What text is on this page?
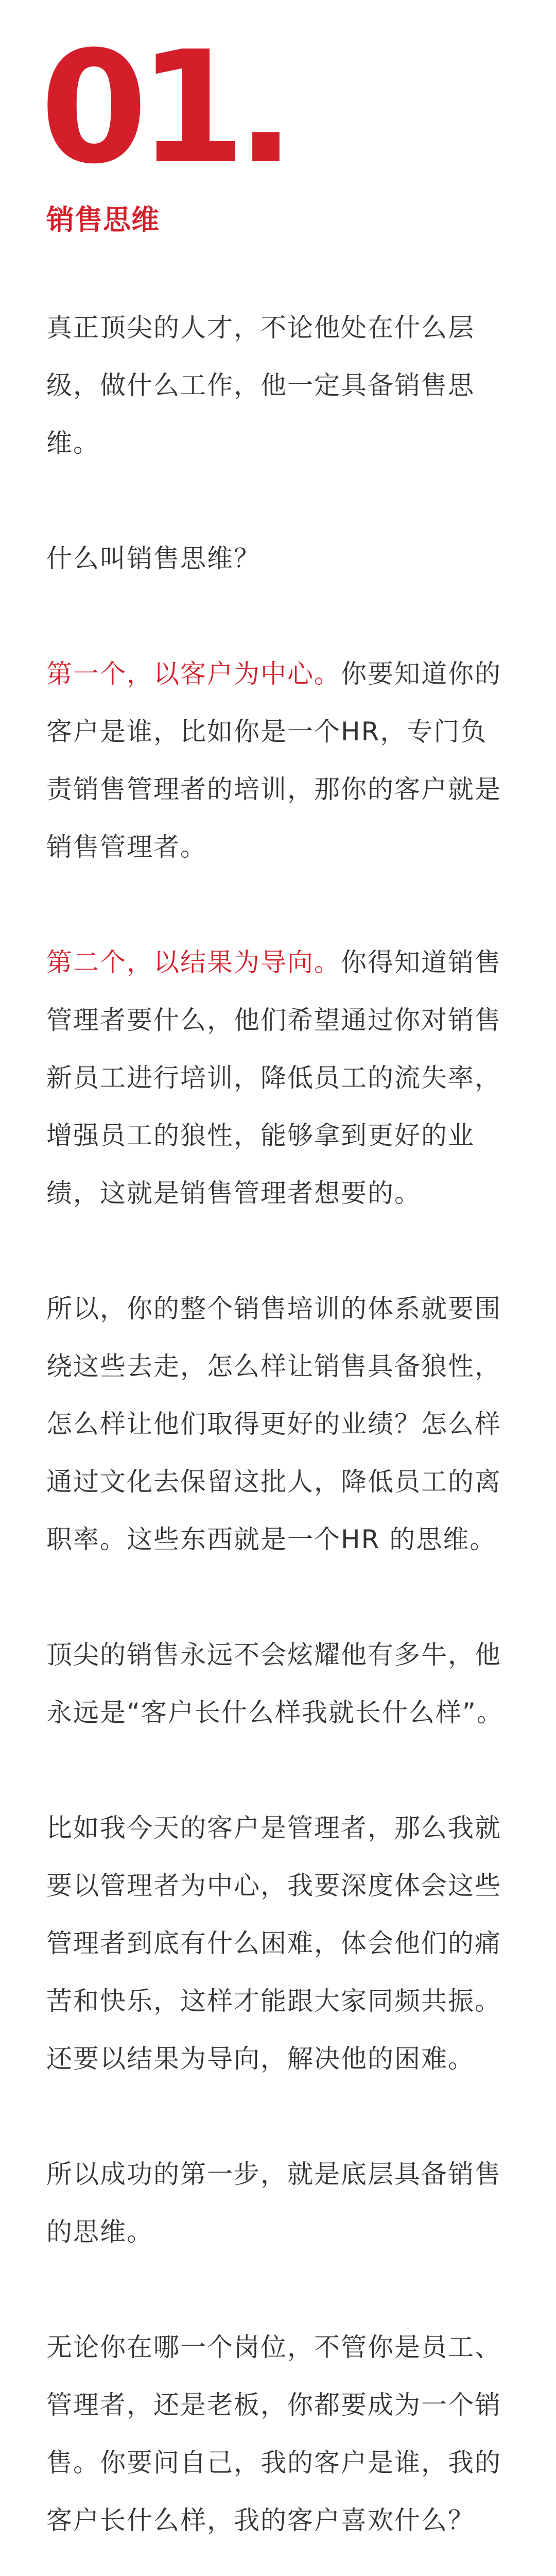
01.
销售思维

真正顶尖的人才，不论他处在什么层级，做什么工作，他一定具备销售思维。

什么叫销售思维？

第一个，以客户为中心。你要知道你的客户是谁，比如你是一个HR，专门负责销售管理者的培训，那你的客户就是销售管理者。

第二个，以结果为导向。你得知道销售管理者要什么，他们希望通过你对销售新员工进行培训，降低员工的流失率，增强员工的狼性，能够拿到更好的业绩，这就是销售管理者想要的。

所以，你的整个销售培训的体系就要围绕这些去走，怎么样让销售具备狼性，怎么样让他们取得更好的业绩？怎么样通过文化去保留这批人，降低员工的离职率。这些东西就是一个HR 的思维。

顶尖的销售永远不会炫耀他有多牛，他永远是“客户长什么样我就长什么样”。

比如我今天的客户是管理者，那么我就要以管理者为中心，我要深度体会这些管理者到底有什么困难，体会他们的痛苦和快乐，这样才能跟大家同频共振。还要以结果为导向，解决他的困难。

所以成功的第一步，就是底层具备销售的思维。

无论你在哪一个岗位，不管你是员工、管理者，还是老板，你都要成为一个销售。你要问自己，我的客户是谁，我的客户长什么样，我的客户喜欢什么？
